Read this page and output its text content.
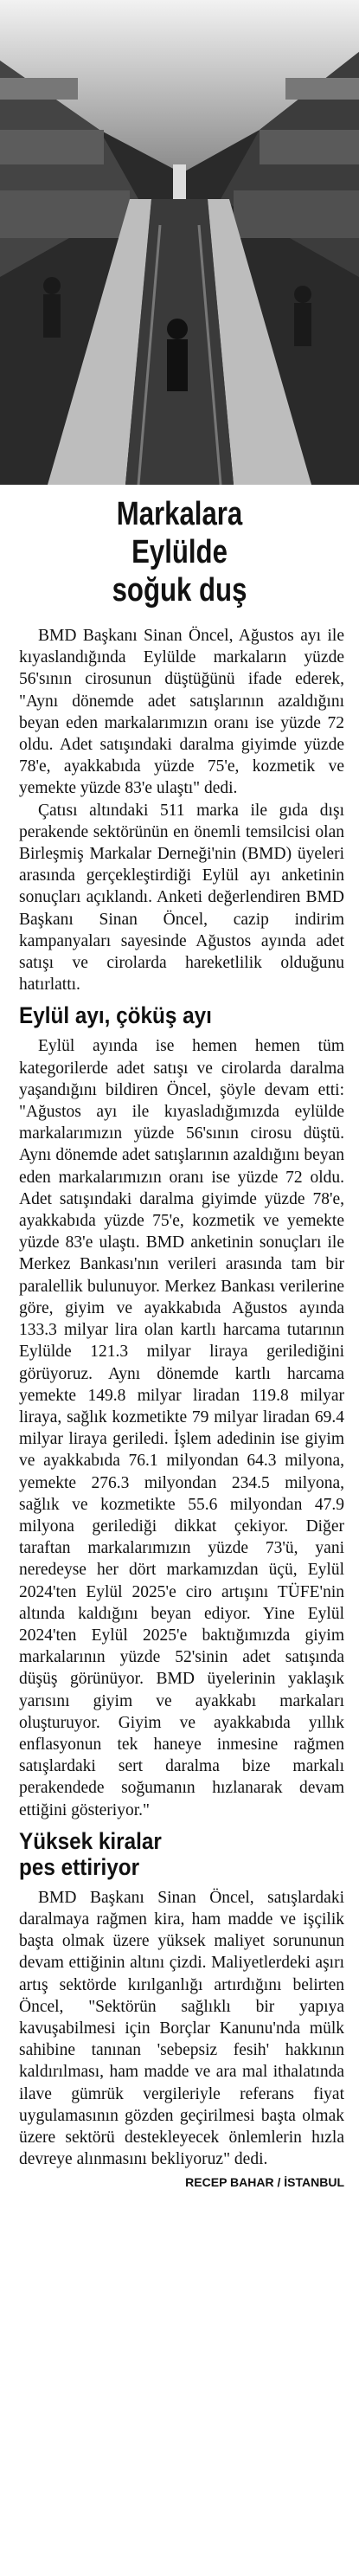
Markalara
Eylülde
soğuk duş

BMD Başkanı Sinan Öncel, Ağustos ayı ile kıyaslandığında Eylülde markaların yüzde 56'sının cirosunun düştüğünü ifade ederek, "Aynı dönemde adet satışlarının azaldığını beyan eden markalarımızın oranı ise yüzde 72 oldu. Adet satışındaki daralma giyimde yüzde 78'e, ayakkabıda yüzde 75'e, kozmetik ve yemekte yüzde 83'e ulaştı" dedi.

Çatısı altındaki 511 marka ile gıda dışı perakende sektörünün en önemli temsilcisi olan Birleşmiş Markalar Derneği'nin (BMD) üyeleri arasında gerçekleştirdiği Eylül ayı anketinin sonuçları açıklandı. Anketi değerlendiren BMD Başkanı Sinan Öncel, cazip indirim kampanyaları sayesinde Ağustos ayında adet satışı ve cirolarda hareketlilik olduğunu hatırlattı.

Eylül ayı, çöküş ayı

Eylül ayında ise hemen hemen tüm kategorilerde adet satışı ve cirolarda daralma yaşandığını bildiren Öncel, şöyle devam etti: "Ağustos ayı ile kıyasladığımızda eylülde markalarımızın yüzde 56'sının cirosu düştü. Aynı dönemde adet satışlarının azaldığını beyan eden markalarımızın oranı ise yüzde 72 oldu. Adet satışındaki daralma giyimde yüzde 78'e, ayakkabıda yüzde 75'e, kozmetik ve yemekte yüzde 83'e ulaştı. BMD anketinin sonuçları ile Merkez Bankası'nın verileri arasında tam bir paralellik bulunuyor. Merkez Bankası verilerine göre, giyim ve ayakkabıda Ağustos ayında 133.3 milyar lira olan kartlı harcama tutarının Eylülde 121.3 milyar liraya gerilediğini görüyoruz. Aynı dönemde kartlı harcama yemekte 149.8 milyar liradan 119.8 milyar liraya, sağlık kozmetikte 79 milyar liradan 69.4 milyar liraya geriledi. İşlem adedinin ise giyim ve ayakkabıda 76.1 milyondan 64.3 milyona, yemekte 276.3 milyondan 234.5 milyona, sağlık ve kozmetikte 55.6 milyondan 47.9 milyona gerilediği dikkat çekiyor. Diğer taraftan markalarımızın yüzde 73'ü, yani neredeyse her dört markamızdan üçü, Eylül 2024'ten Eylül 2025'e ciro artışını TÜFE'nin altında kaldığını beyan ediyor. Yine Eylül 2024'ten Eylül 2025'e baktığımızda giyim markalarının yüzde 52'sinin adet satışında düşüş görünüyor. BMD üyelerinin yaklaşık yarısını giyim ve ayakkabı markaları oluşturuyor. Giyim ve ayakkabıda yıllık enflasyonun tek haneye inmesine rağmen satışlardaki sert daralma bize markalı perakendede soğumanın hızlanarak devam ettiğini gösteriyor."

Yüksek kiralar
pes ettiriyor

BMD Başkanı Sinan Öncel, satışlardaki daralmaya rağmen kira, ham madde ve işçilik başta olmak üzere yüksek maliyet sorununun devam ettiğinin altını çizdi. Maliyetlerdeki aşırı artış sektörde kırılganlığı artırdığını belirten Öncel, "Sektörün sağlıklı bir yapıya kavuşabilmesi için Borçlar Kanunu'nda mülk sahibine tanınan 'sebepsiz fesih' hakkının kaldırılması, ham madde ve ara mal ithalatında ilave gümrük vergileriyle referans fiyat uygulamasının gözden geçirilmesi başta olmak üzere sektörü destekleyecek önlemlerin hızla devreye alınmasını bekliyoruz" dedi.

RECEP BAHAR / İSTANBUL
